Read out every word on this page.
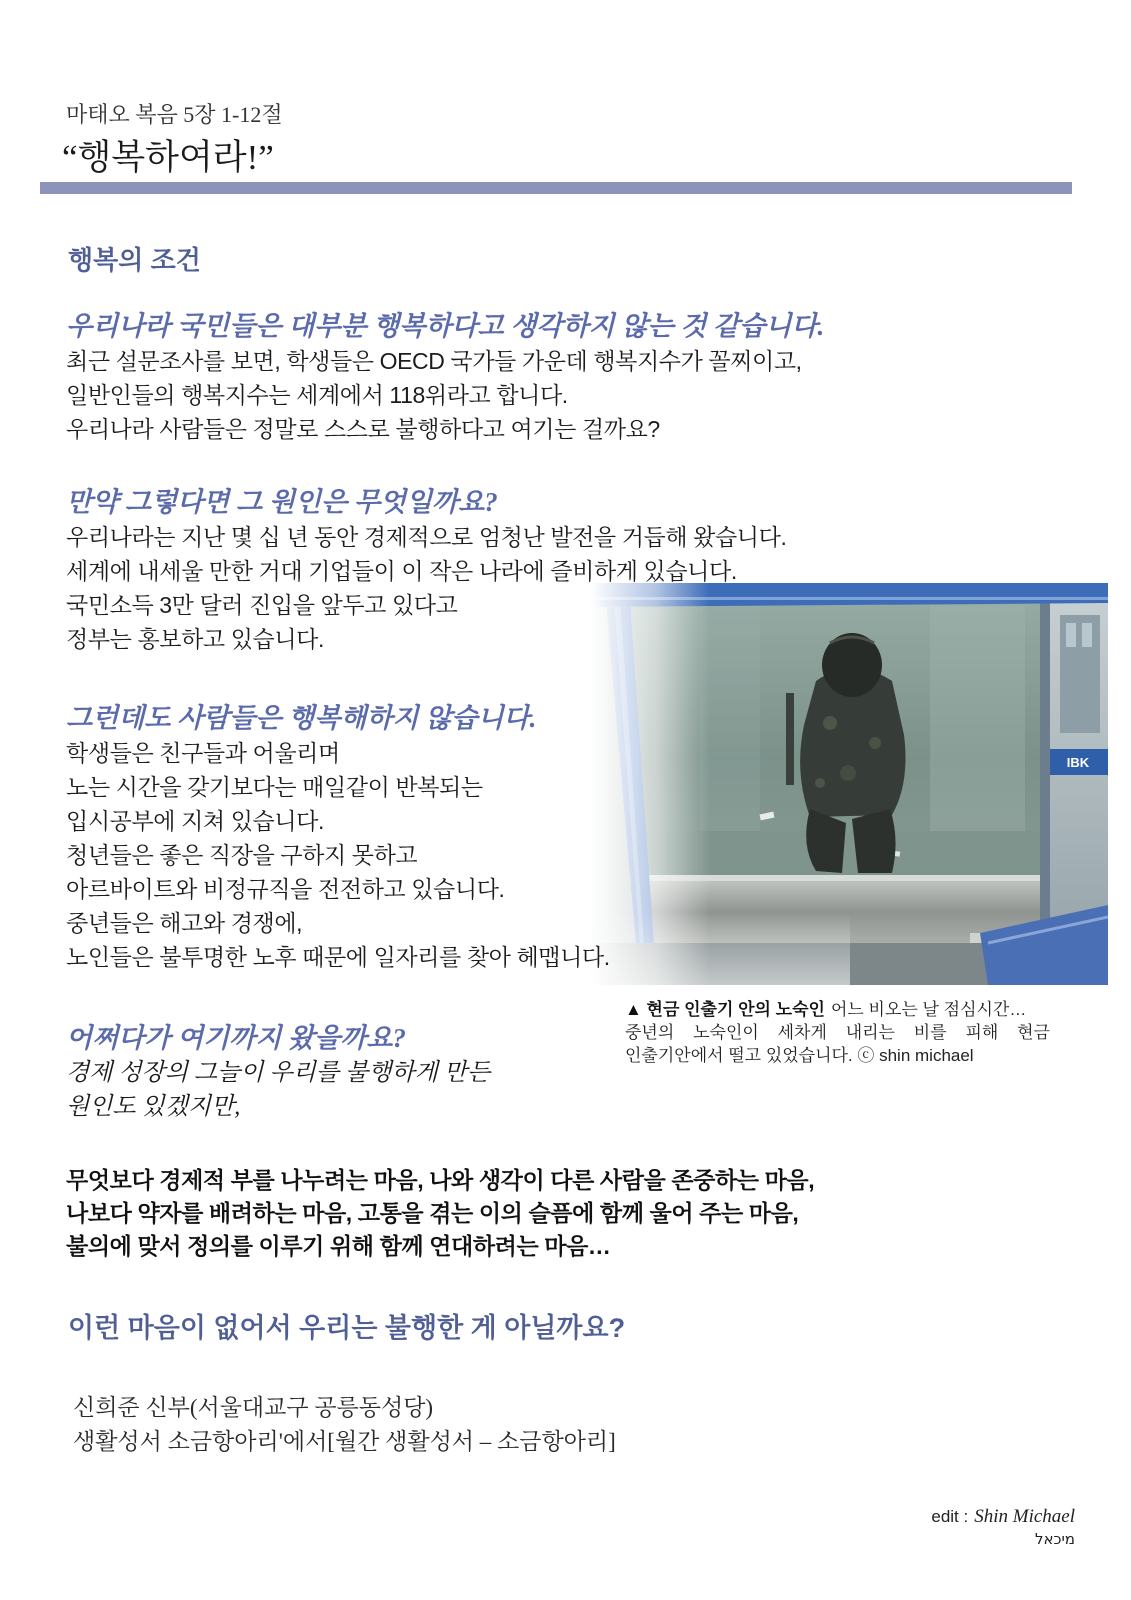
마태오 복음 5장 1-12절
“행복하여라!”
행복의 조건
IBK
우리나라 국민들은 대부분 행복하다고 생각하지 않는 것 같습니다.
최근 설문조사를 보면, 학생들은 OECD 국가들 가운데 행복지수가 꼴찌이고,
일반인들의 행복지수는 세계에서 118위라고 합니다.
우리나라 사람들은 정말로 스스로 불행하다고 여기는 걸까요?
만약 그렇다면 그 원인은 무엇일까요?
우리나라는 지난 몇 십 년 동안 경제적으로 엄청난 발전을 거듭해 왔습니다.
세계에 내세울 만한 거대 기업들이 이 작은 나라에 즐비하게 있습니다.
국민소득 3만 달러 진입을 앞두고 있다고
정부는 홍보하고 있습니다.
그런데도 사람들은 행복해하지 않습니다.
학생들은 친구들과 어울리며
노는 시간을 갖기보다는 매일같이 반복되는
입시공부에 지쳐 있습니다.
청년들은 좋은 직장을 구하지 못하고
아르바이트와 비정규직을 전전하고 있습니다.
중년들은 해고와 경쟁에,
노인들은 불투명한 노후 때문에 일자리를 찾아 헤맵니다.
▲ 현금 인출기 안의 노숙인 어느 비오는 날 점심시간…
중년의 노숙인이 세차게 내리는 비를 피해 현금
인출기안에서 떨고 있었습니다. ⓒ shin michael
어쩌다가 여기까지 왔을까요?
경제 성장의 그늘이 우리를 불행하게 만든
원인도 있겠지만,
무엇보다 경제적 부를 나누려는 마음, 나와 생각이 다른 사람을 존중하는 마음,
나보다 약자를 배려하는 마음, 고통을 겪는 이의 슬픔에 함께 울어 주는 마음,
불의에 맞서 정의를 이루기 위해 함께 연대하려는 마음…
이런 마음이 없어서 우리는 불행한 게 아닐까요?
신희준 신부(서울대교구 공릉동성당)
생활성서 소금항아리'에서[월간 생활성서 – 소금항아리]
edit : Shin Michael
מיכאל
